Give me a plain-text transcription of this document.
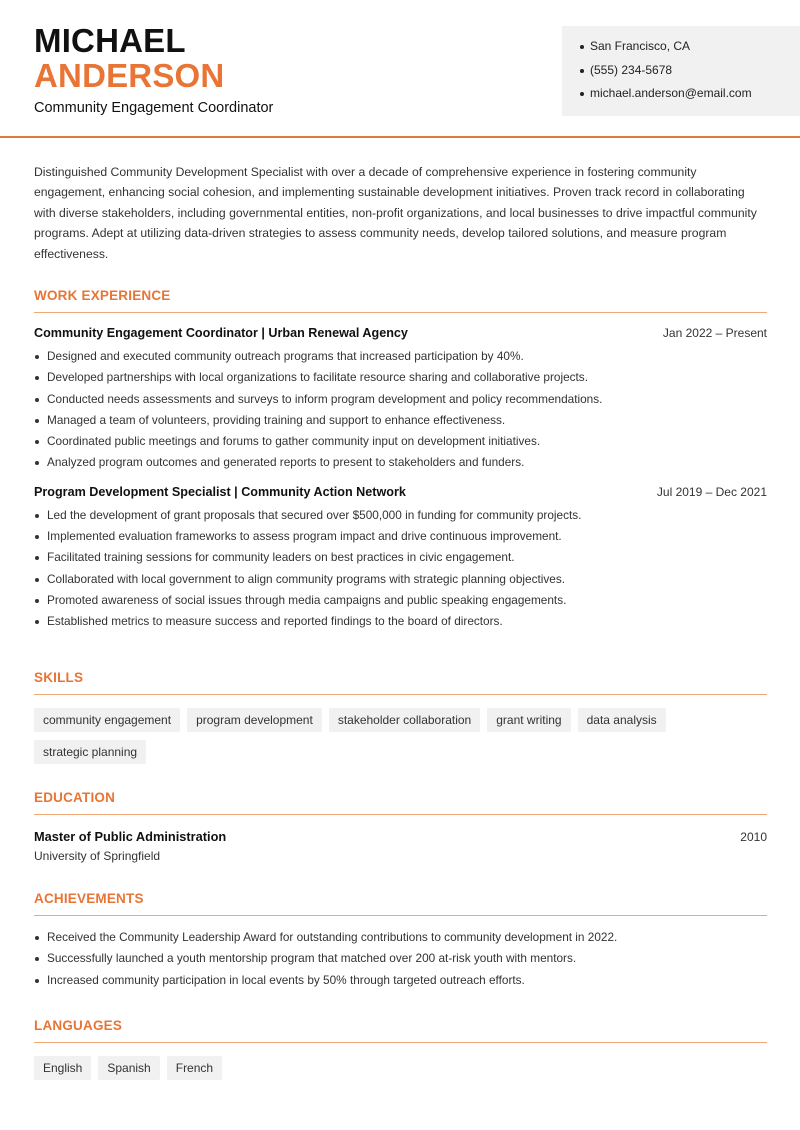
MICHAEL
ANDERSON
Community Engagement Coordinator
San Francisco, CA
(555) 234-5678
michael.anderson@email.com

Distinguished Community Development Specialist with over a decade of comprehensive experience in fostering community engagement, enhancing social cohesion, and implementing sustainable development initiatives. Proven track record in collaborating with diverse stakeholders, including governmental entities, non-profit organizations, and local businesses to drive impactful community programs. Adept at utilizing data-driven strategies to assess community needs, develop tailored solutions, and measure program effectiveness.

WORK EXPERIENCE
Community Engagement Coordinator | Urban Renewal Agency	Jan 2022 – Present
Designed and executed community outreach programs that increased participation by 40%.
Developed partnerships with local organizations to facilitate resource sharing and collaborative projects.
Conducted needs assessments and surveys to inform program development and policy recommendations.
Managed a team of volunteers, providing training and support to enhance effectiveness.
Coordinated public meetings and forums to gather community input on development initiatives.
Analyzed program outcomes and generated reports to present to stakeholders and funders.
Program Development Specialist | Community Action Network	Jul 2019 – Dec 2021
Led the development of grant proposals that secured over $500,000 in funding for community projects.
Implemented evaluation frameworks to assess program impact and drive continuous improvement.
Facilitated training sessions for community leaders on best practices in civic engagement.
Collaborated with local government to align community programs with strategic planning objectives.
Promoted awareness of social issues through media campaigns and public speaking engagements.
Established metrics to measure success and reported findings to the board of directors.
SKILLS
community engagement	program development	stakeholder collaboration	grant writing	data analysis
strategic planning
EDUCATION
Master of Public Administration	2010
University of Springfield
ACHIEVEMENTS
Received the Community Leadership Award for outstanding contributions to community development in 2022.
Successfully launched a youth mentorship program that matched over 200 at-risk youth with mentors.
Increased community participation in local events by 50% through targeted outreach efforts.
LANGUAGES
English	Spanish	French
